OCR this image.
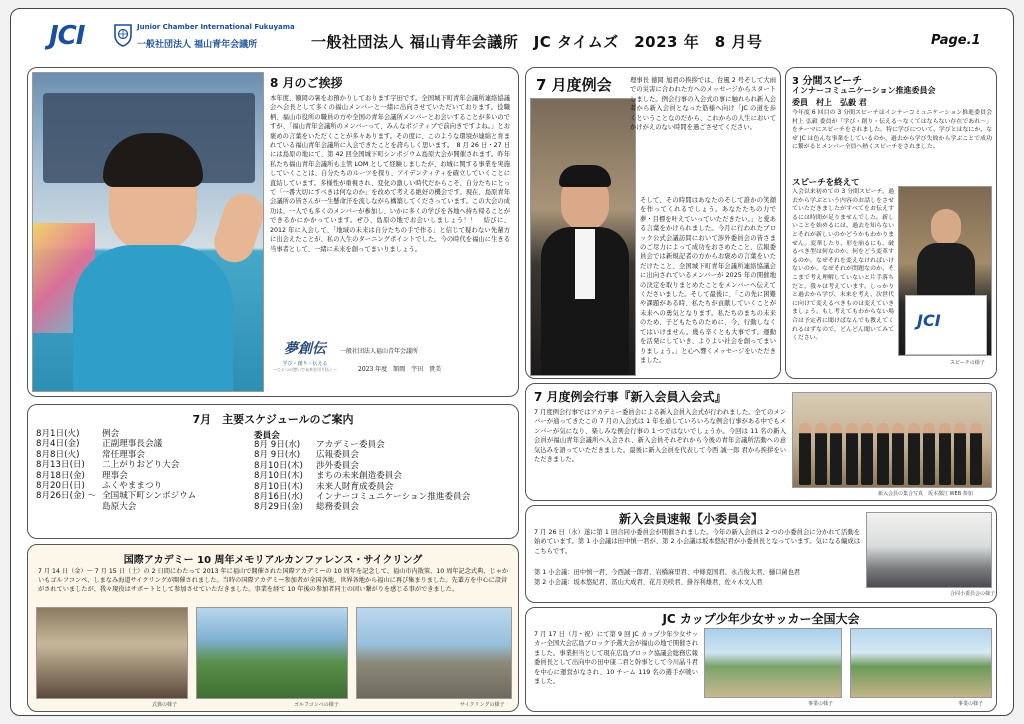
JCI	Junior Chamber International Fukuyama
一般社団法人 福山青年会議所	一般社団法人 福山青年会議所　JC タイムズ　2023 年　8 月号	Page.1
8 月のご挨拶
本年度、額岡の暑をお預かりしております宇田です。全国城下町青年会議所連絡協議会へ会長として多くの福山メンバーと一緒に出向させていただいております。役職柄、福山市役所の職員の方や全国の青年会議所メンバーとお会いすることが多いのですが、「福山青年会議所のメンバーって、みんなポジティブで前向きですよね。」とお褒めの言葉をいただくことが多々あります。その度に、このような環境が連綿と育まれている福山青年会議所に入会できたことを誇らしく思います。　8 月 26 日・27 日には島原の地にて、第 42 回全国城下町シンポジウム島原大会が開催されます。昨年私たち福山青年会議所も主管 LOM として経験しましたが、お城に関する事業を実施していくことは、自分たちのルーツを探り、アイデンティティを確立していくことに直結しています。多様性が重視され、変化の激しい時代だからこそ、自分たちにとって「一番大切にすべきは何なのか」を改めて考える絶好の機会です。現在、島原青年会議所の皆さんが一生懸命汗を流しながら構築してくださっています。この大会の成功は、一人でも多くのメンバーが参加し、いかに多くの学びを各地へ持ち帰ることができるかにかかっています。ぜひ、島原の地でお会いしましょう！！　結びに、2012 年に入会して、「地域の未来は自分たちの手で作る」と信じて疑わない先輩方に出会えたことが、私の人生のターニングポイントでした。今の時代を福山に生きる当事者として、一緒に未来を創ってまいりましょう。
夢創伝
学び・創り・伝える
〜ひとつの想いで未来を切り拓く〜
一般社団法人福山青年会議所
2023 年度　額岡　宇田　貴美
7月　主要スケジュールのご案内
8月1日(火)	例会
8月4日(金)	正副理事長会議
8月8日(火)	常任理事会
8月13日(日) 二上がりおどり大会
8月18日(金) 理事会
8月20日(日) ふくやままつり
8月26日(金) 〜 全国城下町シンポジウム
島原大会
委員会
8月 9日(水) アカデミー委員会
8月 9日(水) 広報委員会
8月10日(木) 渉外委員会
8月10日(木) まちの未来創造委員会
8月10日(木) 未来人財育成委員会
8月16日(水) インナーコミュニケーション推進委員会
8月29日(金) 総務委員会
国際アカデミー 10 周年メモリアルカンファレンス・サイクリング
7 月 14 日（金）〜 7 月 15 日（土）の 2 日間にわたって 2013 年に福山で開催された国際アカデミーの 10 周年を記念して、福山市内散策、10 周年記念式典、じゃかいもゴルフコンペ、しまなみ海道サイクリングが開催されました。当時の国際アカデミー参加者が全国各地、世界各地から福山に再び集まりました。先輩方を中心に設営がされていましたが、我々現役はサポートとして参加させていただきました。事業を経て 10 年後の参加者同士の固い繋がりを感じる事ができました。
式典の様子	ゴルフコンペの様子	サイクリングの様子
7 月度例会	理事長 徳岡 旭君の挨拶では、台風 2 号そして大雨での災害に合われた方へのメッセージからスタートしました。例会行事の入会式の事に触れられ新入会者から新入会員となった筋様へ向け「JC の道を歩くということなのだから、これからの人生においてかけがえのない時間を過ごさせてください。
そして、その時間はあなたのそして誰かの笑顔を作ってくれるでしょう。あなたたちの力で夢・目標を叶えていっていただきたい。」と愛ある言葉をかけられました。今月に行われたブロック公式会議訪問において涉外委員会の皆さまのご尽力によって成功をおさめたこと、広報委員会では新規記者の方からお褒めの言葉をいただけたこと、全国城下町青年会議所連絡協議会に出向されているメンバーが 2025 年の開催地の決定を取りまとめたことをメンバーへ伝えてくださいました。そして最後に、「この先に困難や課題がある時、私たちが貢献していくことが未来への勇気となります。私たちのまちの未来のため、子どもたちのために、今、行動しなくてはいけません。幾ら辛くとも大事です。運動を活発にしていき、よりよい社会を創ってまいりましょう。」と心へ響くメッセージをいただきました。
3 分間スピーチ
インナーコミュニケーション推進委員会
委員　村上　弘毅 君
今年度 6 回目の 3 分間スピーチはインナーコミュニケーション推進委員会 村上 弘毅 委員が「学び・創り・伝える〜なくてはならない存在であれ〜」をテーマにスピーチをされました。特に学びについて、学びとはなにか、なぜ JC は色んな事業をしているのか、過去から学び失敗から学ぶことで成功に繋がるとメンバー全員へ熱くスピーチをされました。
スピーチを終えて
入会以来初めての 3 分間スピーチ。過去から学ぶという内容のお話しをさせていただきましたがすべてをお伝えするには時間が足りませんでした。新しいことを始めるには、過去を知らないとそれが新しいのかどうかもわかりません。変華したり、形を崩るにも、破るべき型は何なのか、何をどう変革するのか。なぜそれを変えなければいけないのか、なぜそれが問題なのか、そこまで考え理解していないと片手落ちだと、我々は考えています。しっかりと過去から学び、未来を考え、次世代に向けて変えるべきものは変えていきましょう。もし考えてもわからない場合は予定者に聞けばなんでも教えてくれるはずなので、どんどん聞いてみてください。
JCI
スピーチの様子
7 月度例会行事『新入会員入会式』
7 月度例会行事ではアカデミー委員会による新入会員入会式が行われました。全てのメンバーが通ってきたこの 7 月の入会式は 1 年を通していろいろな例会行事がある中でもメンバーが気になり、楽しみな例会行事の 1 つではないでしょうか。今回は 11 名の新入会員が福山青年会議所へ入会され、新入会員それぞれから今後の青年会議所活動への意気込みを語っていただきました。最後に新入会員を代表して今西 誠一郎 君から挨拶をいただきました。
新入会員の集合写真　坂本都江 WEB 参加
新入会員速報【小委員会】
7 月 26 日（水）遂に第 1 回合同小委員会が開催されました。今年の新入会員は 2 つの小委員会に分かれて活動を始めています。第 1 小会議は田中慎一君が、第 2 小会議は坂本悠紀君が小委員長となっています。気になる編成はこちらです。
第 1 小会議：田中慎一君、今西誠一郎君、岩橋麻里君、中條克国君、永吉俊太君、樋口菌也君
第 2 小会議：坂本悠紀君、冨山大成君、花月美咲君、掛谷利雄君、佐々木文人君
合同小委員会の様子
JC カップ少年少女サッカー全国大会
7 月 17 日（月・祝）にて第 9 回 JC カップ少年少女サッカー全国大会広島ブロック予選大会が福山の地で開催されました。事業担当として現在広島ブロック協議会総務広報委員長として出向中の田中康二君と幹事として今川晶斗君を中心に運営がなされ、10 チーム 119 名の選手が戦いました。
事業の様子	事業の様子
